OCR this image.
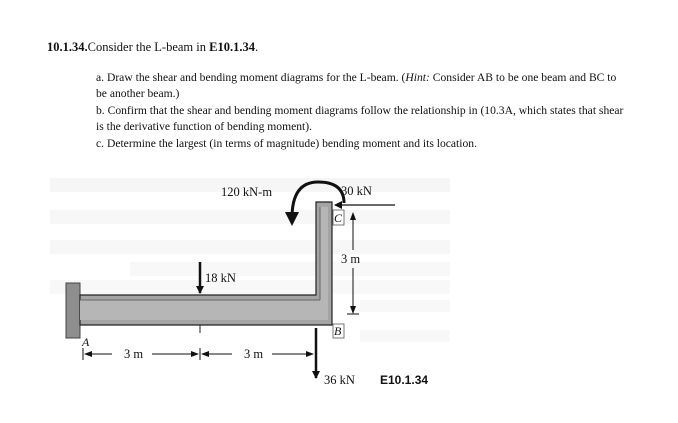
10.1.34.Consider the L-beam in E10.1.34.

a. Draw the shear and bending moment diagrams for the L-beam. (Hint: Consider AB to be one beam and BC to be another beam.)

b. Confirm that the shear and bending moment diagrams follow the relationship in (10.3A, which states that shear is the derivative function of bending moment).

c. Determine the largest (in terms of magnitude) bending moment and its location.

120 kN-m	30 kN
C
B
A
18 kN
36 kN
3 m
3 m	3 m
E10.1.34
